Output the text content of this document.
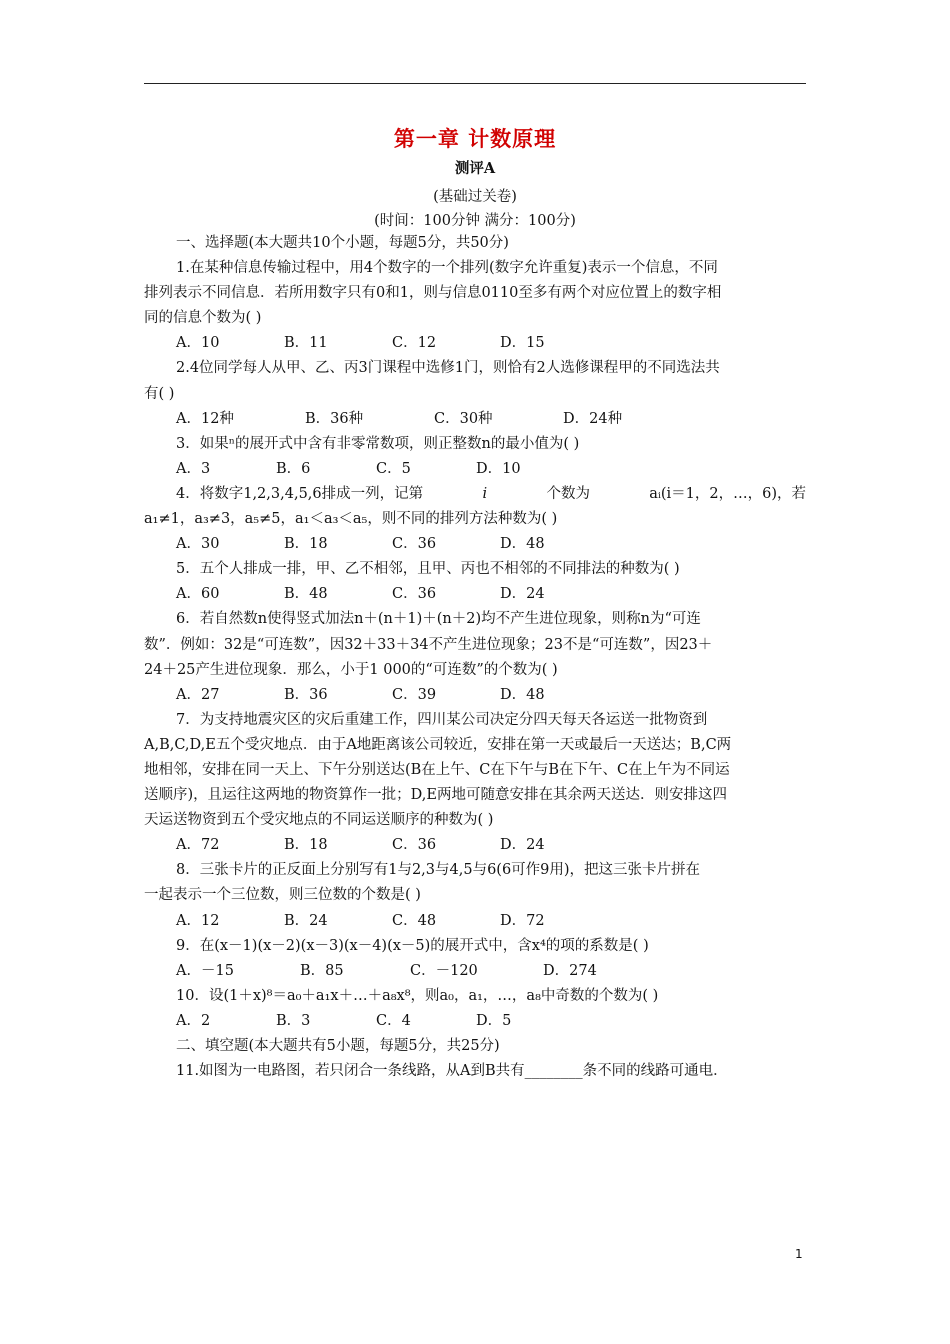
第一章 计数原理
测评A
(基础过关卷)
(时间：100分钟 满分：100分)
一、选择题(本大题共10个小题，每题5分，共50分)
1.在某种信息传输过程中，用4个数字的一个排列(数字允许重复)表示一个信息，不同
排列表示不同信息．若所用数字只有0和1，则与信息0110至多有两个对应位置上的数字相
同的信息个数为( )
A．10	B．11	C．12	D．15
2.4位同学每人从甲、乙、丙3门课程中选修1门，则恰有2人选修课程甲的不同选法共
有( )
A．12种	B．36种	C．30种	D．24种
3．如果ⁿ的展开式中含有非零常数项，则正整数n的最小值为( )
A．3	B．6	C．5	D．10
4．将数字1,2,3,4,5,6排成一列，记第	i	个数为	aᵢ(i＝1，2，…，6)，若
a₁≠1，a₃≠3，a₅≠5，a₁＜a₃＜a₅，则不同的排列方法种数为( )
A．30	B．18	C．36	D．48
5．五个人排成一排，甲、乙不相邻，且甲、丙也不相邻的不同排法的种数为( )
A．60	B．48	C．36	D．24
6．若自然数n使得竖式加法n＋(n＋1)＋(n＋2)均不产生进位现象，则称n为“可连
数”．例如：32是“可连数”，因32＋33＋34不产生进位现象；23不是“可连数”，因23＋
24＋25产生进位现象．那么，小于1 000的“可连数”的个数为( )
A．27	B．36	C．39	D．48
7．为支持地震灾区的灾后重建工作，四川某公司决定分四天每天各运送一批物资到
A,B,C,D,E五个受灾地点．由于A地距离该公司较近，安排在第一天或最后一天送达；B,C两
地相邻，安排在同一天上、下午分别送达(B在上午、C在下午与B在下午、C在上午为不同运
送顺序)，且运往这两地的物资算作一批；D,E两地可随意安排在其余两天送达．则安排这四
天运送物资到五个受灾地点的不同运送顺序的种数为( )
A．72	B．18	C．36	D．24
8．三张卡片的正反面上分别写有1与2,3与4,5与6(6可作9用)，把这三张卡片拼在
一起表示一个三位数，则三位数的个数是( )
A．12	B．24	C．48	D．72
9．在(x－1)(x－2)(x－3)(x－4)(x－5)的展开式中，含x⁴的项的系数是( )
A．－15	B．85	C．－120	D．274
10．设(1＋x)⁸＝a₀＋a₁x＋…＋a₈x⁸，则a₀，a₁，…，a₈中奇数的个数为( )
A．2	B．3	C．4	D．5
二、填空题(本大题共有5小题，每题5分，共25分)
11.如图为一电路图，若只闭合一条线路，从A到B共有________条不同的线路可通电．
1
